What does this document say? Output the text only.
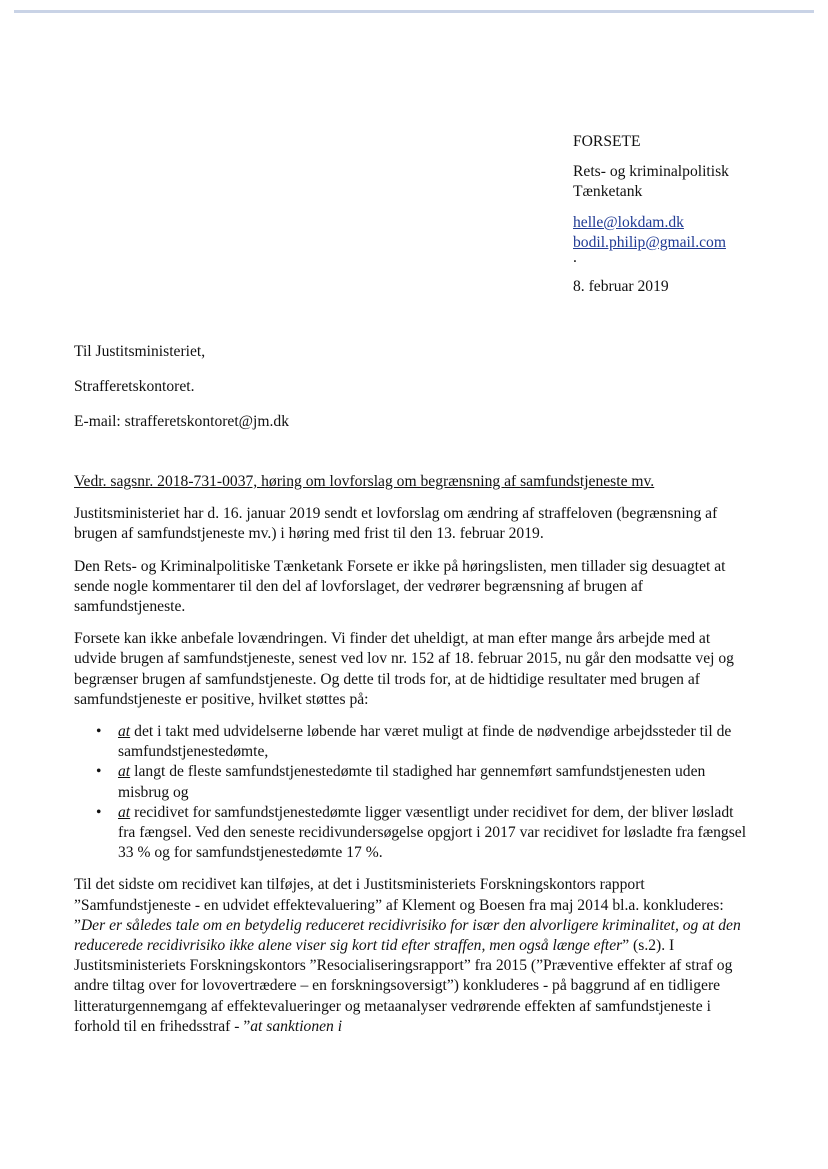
FORSETE
Rets- og kriminalpolitisk
Tænketank
helle@lokdam.dk
bodil.philip@gmail.com
.
8. februar 2019
Til Justitsministeriet,
Strafferetskontoret.
E-mail: strafferetskontoret@jm.dk
Vedr. sagsnr. 2018-731-0037, høring om lovforslag om begrænsning af samfundstjeneste mv.

Justitsministeriet har d. 16. januar 2019 sendt et lovforslag om ændring af straffeloven (begrænsning af brugen af samfundstjeneste mv.) i høring med frist til den 13. februar 2019.

Den Rets- og Kriminalpolitiske Tænketank Forsete er ikke på høringslisten, men tillader sig desuagtet at sende nogle kommentarer til den del af lovforslaget, der vedrører begrænsning af brugen af samfundstjeneste.

Forsete kan ikke anbefale lovændringen. Vi finder det uheldigt, at man efter mange års arbejde med at udvide brugen af samfundstjeneste, senest ved lov nr. 152 af 18. februar 2015, nu går den modsatte vej og begrænser brugen af samfundstjeneste. Og dette til trods for, at de hidtidige resultater med brugen af samfundstjeneste er positive, hvilket støttes på:

• at det i takt med udvidelserne løbende har været muligt at finde de nødvendige arbejdssteder til de samfundstjenestedømte,
• at langt de fleste samfundstjenestedømte til stadighed har gennemført samfundstjenesten uden misbrug og
• at recidivet for samfundstjenestedømte ligger væsentligt under recidivet for dem, der bliver løsladt fra fængsel. Ved den seneste recidivundersøgelse opgjort i 2017 var recidivet for løsladte fra fængsel 33 % og for samfundstjenestedømte 17 %.

Til det sidste om recidivet kan tilføjes, at det i Justitsministeriets Forskningskontors rapport ”Samfundstjeneste - en udvidet effektevaluering” af Klement og Boesen fra maj 2014 bl.a. konkluderes: ”Der er således tale om en betydelig reduceret recidivrisiko for især den alvorligere kriminalitet, og at den reducerede recidivrisiko ikke alene viser sig kort tid efter straffen, men også længe efter” (s.2). I Justitsministeriets Forskningskontors ”Resocialiseringsrapport” fra 2015 (”Præventive effekter af straf og andre tiltag over for lovovertrædere – en forskningsoversigt”) konkluderes - på baggrund af en tidligere litteraturgennemgang af effektevalueringer og metaanalyser vedrørende effekten af samfundstjeneste i forhold til en frihedsstraf - ”at sanktionen i
